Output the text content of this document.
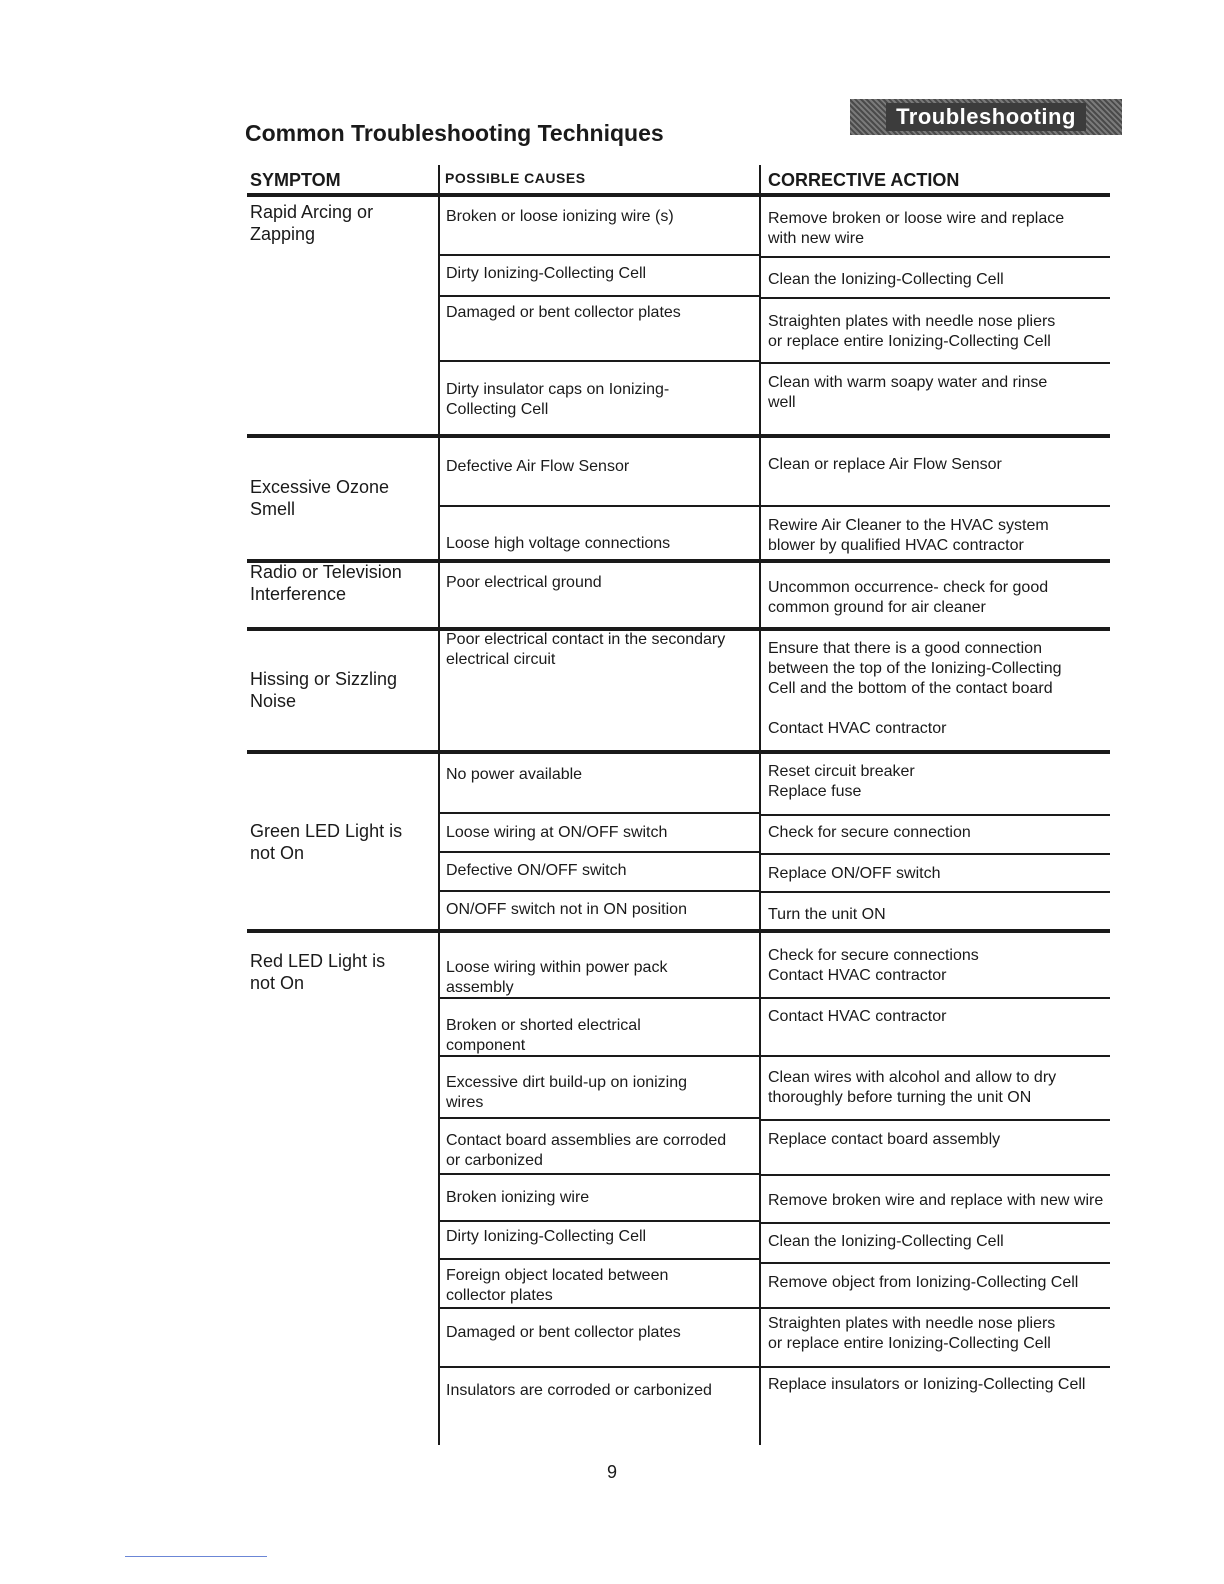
Troubleshooting
Common Troubleshooting Techniques
SYMPTOM	POSSIBLE CAUSES	CORRECTIVE ACTION
Rapid Arcing or
Zapping
Excessive Ozone
Smell
Radio or Television
Interference
Hissing or Sizzling
Noise
Green LED Light is
not On
Red LED Light is
not On
Broken or loose ionizing wire (s)
Dirty Ionizing-Collecting Cell
Damaged or bent collector plates
Dirty insulator caps on Ionizing-
Collecting Cell
Defective Air Flow Sensor
Loose high voltage connections
Poor electrical ground
Poor electrical contact in the secondary
electrical circuit
No power available
Loose wiring at ON/OFF switch
Defective ON/OFF switch
ON/OFF switch not in ON position
Loose wiring within power pack
assembly
Broken or shorted electrical
component
Excessive dirt build-up on ionizing
wires
Contact board assemblies are corroded
or carbonized
Broken ionizing wire
Dirty Ionizing-Collecting Cell
Foreign object located between
collector plates
Damaged or bent collector plates
Insulators are corroded or carbonized
Remove broken or loose wire and replace
with new wire
Clean the Ionizing-Collecting Cell
Straighten plates with needle nose pliers
or replace entire Ionizing-Collecting Cell
Clean with warm soapy water and rinse
well
Clean or replace Air Flow Sensor
Rewire Air Cleaner to the HVAC system
blower by qualified HVAC contractor
Uncommon occurrence- check for good
common ground for air cleaner
Ensure that there is a good connection
between the top of the Ionizing-Collecting
Cell and the bottom of the contact board

Contact HVAC contractor
Reset circuit breaker
Replace fuse
Check for secure connection
Replace ON/OFF switch
Turn the unit ON
Check for secure connections
Contact HVAC contractor
Contact HVAC contractor
Clean wires with alcohol and allow to dry
thoroughly before turning the unit ON
Replace contact board assembly
Remove broken wire and replace with new wire
Clean the Ionizing-Collecting Cell
Remove object from Ionizing-Collecting Cell
Straighten plates with needle nose pliers
or replace entire Ionizing-Collecting Cell
Replace insulators or Ionizing-Collecting Cell
9
